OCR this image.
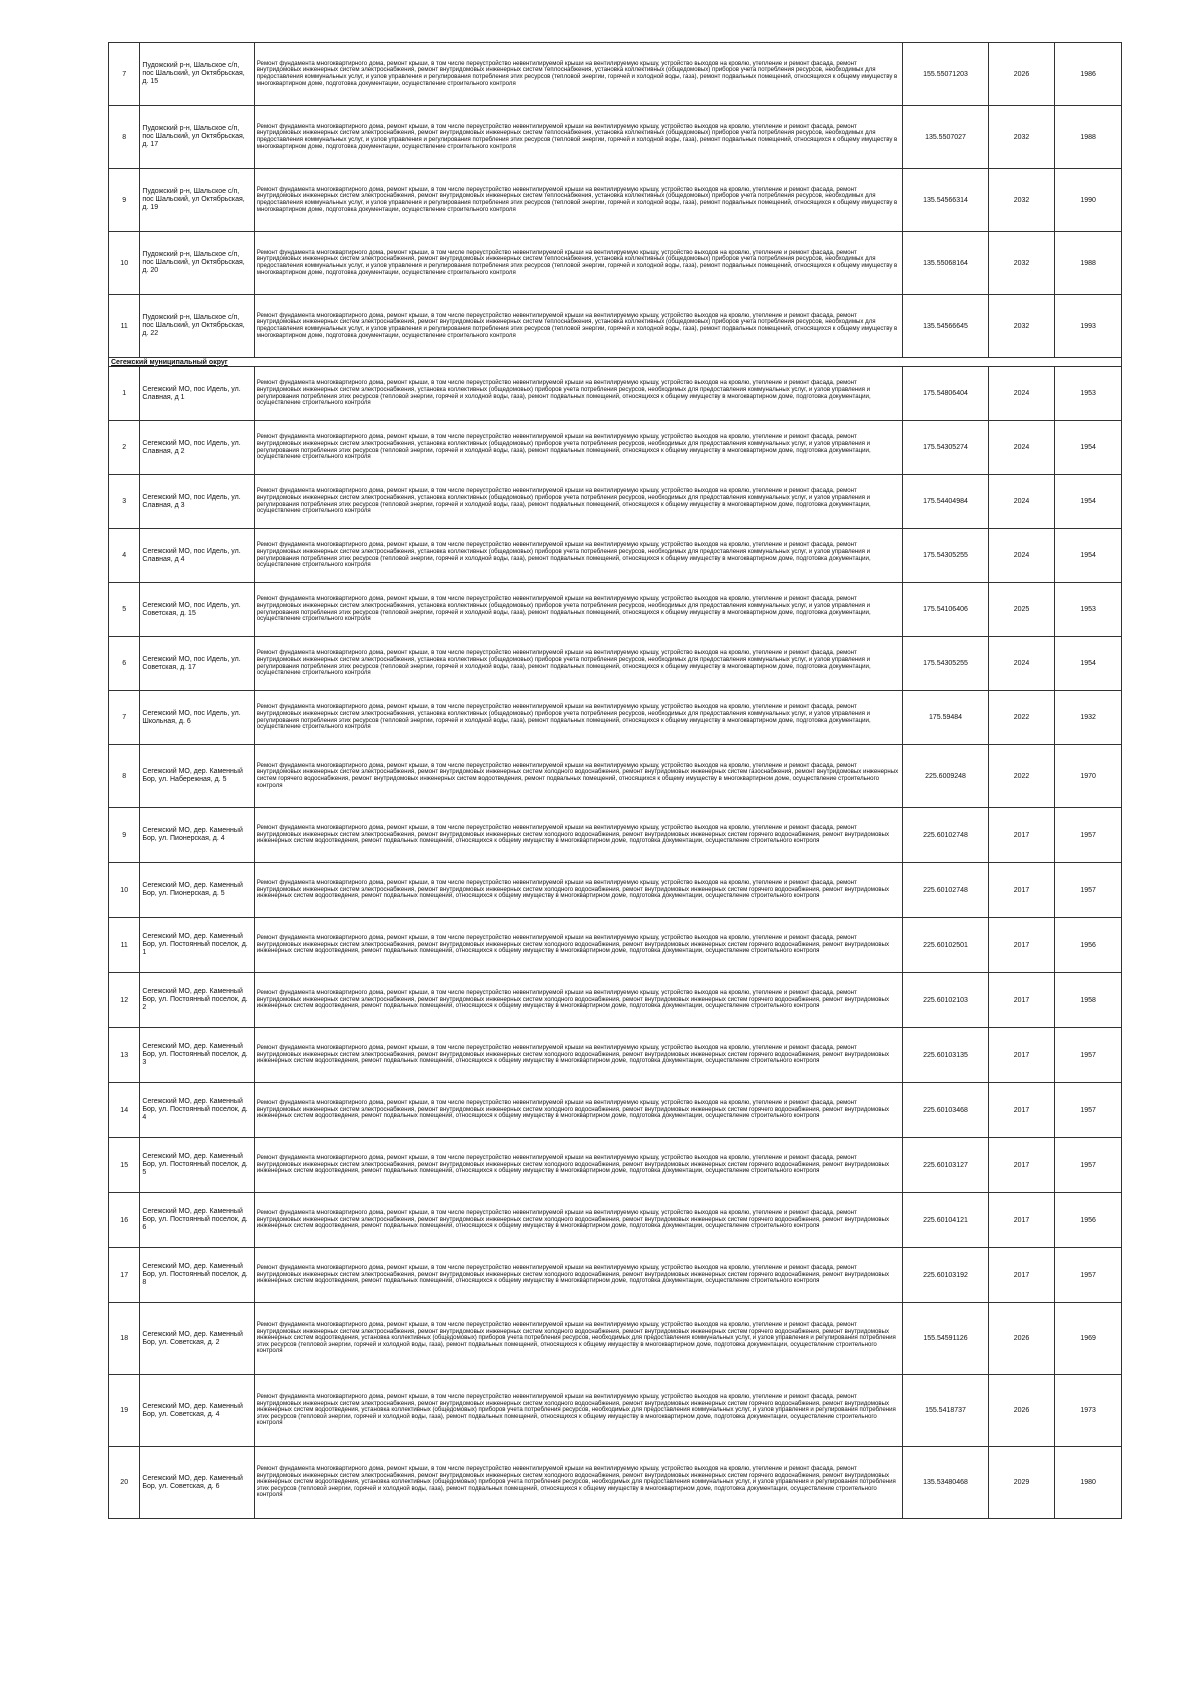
7	Пудожский р-н, Шальское с/п, пос Шальский, ул Октябрьская, д. 15	Ремонт фундамента многоквартирного дома, ремонт крыши, в том числе переустройство невентилируемой крыши на вентилируемую крышу, устройство выходов на кровлю, утепление и ремонт фасада, ремонт внутридомовых инженерных систем электроснабжения, ремонт внутридомовых инженерных систем теплоснабжения, установка коллективных (общедомовых) приборов учета потребления ресурсов, необходимых для предоставления коммунальных услуг, и узлов управления и регулирования потребления этих ресурсов (тепловой энергии, горячей и холодной воды, газа), ремонт подвальных помещений, относящихся к общему имуществу в многоквартирном доме, подготовка документации, осуществление строительного контроля	155.55071203	2026	1986
8	Пудожский р-н, Шальское с/п, пос Шальский, ул Октябрьская, д. 17	Ремонт фундамента многоквартирного дома, ремонт крыши, в том числе переустройство невентилируемой крыши на вентилируемую крышу, устройство выходов на кровлю, утепление и ремонт фасада, ремонт внутридомовых инженерных систем электроснабжения, ремонт внутридомовых инженерных систем теплоснабжения, установка коллективных (общедомовых) приборов учета потребления ресурсов, необходимых для предоставления коммунальных услуг, и узлов управления и регулирования потребления этих ресурсов (тепловой энергии, горячей и холодной воды, газа), ремонт подвальных помещений, относящихся к общему имуществу в многоквартирном доме, подготовка документации, осуществление строительного контроля	135.5507027	2032	1988
9	Пудожский р-н, Шальское с/п, пос Шальский, ул Октябрьская, д. 19	Ремонт фундамента многоквартирного дома, ремонт крыши, в том числе переустройство невентилируемой крыши на вентилируемую крышу, устройство выходов на кровлю, утепление и ремонт фасада, ремонт внутридомовых инженерных систем электроснабжения, ремонт внутридомовых инженерных систем теплоснабжения, установка коллективных (общедомовых) приборов учета потребления ресурсов, необходимых для предоставления коммунальных услуг, и узлов управления и регулирования потребления этих ресурсов (тепловой энергии, горячей и холодной воды, газа), ремонт подвальных помещений, относящихся к общему имуществу в многоквартирном доме, подготовка документации, осуществление строительного контроля	135.54566314	2032	1990
10	Пудожский р-н, Шальское с/п, пос Шальский, ул Октябрьская, д. 20	Ремонт фундамента многоквартирного дома, ремонт крыши, в том числе переустройство невентилируемой крыши на вентилируемую крышу, устройство выходов на кровлю, утепление и ремонт фасада, ремонт внутридомовых инженерных систем электроснабжения, ремонт внутридомовых инженерных систем теплоснабжения, установка коллективных (общедомовых) приборов учета потребления ресурсов, необходимых для предоставления коммунальных услуг, и узлов управления и регулирования потребления этих ресурсов (тепловой энергии, горячей и холодной воды, газа), ремонт подвальных помещений, относящихся к общему имуществу в многоквартирном доме, подготовка документации, осуществление строительного контроля	135.55068164	2032	1988
11	Пудожский р-н, Шальское с/п, пос Шальский, ул Октябрьская, д. 22	Ремонт фундамента многоквартирного дома, ремонт крыши, в том числе переустройство невентилируемой крыши на вентилируемую крышу, устройство выходов на кровлю, утепление и ремонт фасада, ремонт внутридомовых инженерных систем электроснабжения, ремонт внутридомовых инженерных систем теплоснабжения, установка коллективных (общедомовых) приборов учета потребления ресурсов, необходимых для предоставления коммунальных услуг, и узлов управления и регулирования потребления этих ресурсов (тепловой энергии, горячей и холодной воды, газа), ремонт подвальных помещений, относящихся к общему имуществу в многоквартирном доме, подготовка документации, осуществление строительного контроля	135.54566645	2032	1993
Сегежский муниципальный округ					
1	Сегежский МО, пос Идель, ул. Славная, д 1	Ремонт фундамента многоквартирного дома, ремонт крыши, в том числе переустройство невентилируемой крыши на вентилируемую крышу, устройство выходов на кровлю, утепление и ремонт фасада, ремонт внутридомовых инженерных систем электроснабжения, установка коллективных (общедомовых) приборов учета потребления ресурсов, необходимых для предоставления коммунальных услуг, и узлов управления и регулирования потребления этих ресурсов (тепловой энергии, горячей и холодной воды, газа), ремонт подвальных помещений, относящихся к общему имуществу в многоквартирном доме, подготовка документации, осуществление строительного контроля	175.54806404	2024	1953
2	Сегежский МО, пос Идель, ул. Славная, д 2	Ремонт фундамента многоквартирного дома, ремонт крыши, в том числе переустройство невентилируемой крыши на вентилируемую крышу, устройство выходов на кровлю, утепление и ремонт фасада, ремонт внутридомовых инженерных систем электроснабжения, установка коллективных (общедомовых) приборов учета потребления ресурсов, необходимых для предоставления коммунальных услуг, и узлов управления и регулирования потребления этих ресурсов (тепловой энергии, горячей и холодной воды, газа), ремонт подвальных помещений, относящихся к общему имуществу в многоквартирном доме, подготовка документации, осуществление строительного контроля	175.54305274	2024	1954
3	Сегежский МО, пос Идель, ул. Славная, д 3	Ремонт фундамента многоквартирного дома, ремонт крыши, в том числе переустройство невентилируемой крыши на вентилируемую крышу, устройство выходов на кровлю, утепление и ремонт фасада, ремонт внутридомовых инженерных систем электроснабжения, установка коллективных (общедомовых) приборов учета потребления ресурсов, необходимых для предоставления коммунальных услуг, и узлов управления и регулирования потребления этих ресурсов (тепловой энергии, горячей и холодной воды, газа), ремонт подвальных помещений, относящихся к общему имуществу в многоквартирном доме, подготовка документации, осуществление строительного контроля	175.54404984	2024	1954
4	Сегежский МО, пос Идель, ул. Славная, д 4	Ремонт фундамента многоквартирного дома, ремонт крыши, в том числе переустройство невентилируемой крыши на вентилируемую крышу, устройство выходов на кровлю, утепление и ремонт фасада, ремонт внутридомовых инженерных систем электроснабжения, установка коллективных (общедомовых) приборов учета потребления ресурсов, необходимых для предоставления коммунальных услуг, и узлов управления и регулирования потребления этих ресурсов (тепловой энергии, горячей и холодной воды, газа), ремонт подвальных помещений, относящихся к общему имуществу в многоквартирном доме, подготовка документации, осуществление строительного контроля	175.54305255	2024	1954
5	Сегежский МО, пос Идель, ул. Советская, д. 15	Ремонт фундамента многоквартирного дома, ремонт крыши, в том числе переустройство невентилируемой крыши на вентилируемую крышу, устройство выходов на кровлю, утепление и ремонт фасада, ремонт внутридомовых инженерных систем электроснабжения, установка коллективных (общедомовых) приборов учета потребления ресурсов, необходимых для предоставления коммунальных услуг, и узлов управления и регулирования потребления этих ресурсов (тепловой энергии, горячей и холодной воды, газа), ремонт подвальных помещений, относящихся к общему имуществу в многоквартирном доме, подготовка документации, осуществление строительного контроля	175.54106406	2025	1953
6	Сегежский МО, пос Идель, ул. Советская, д. 17	Ремонт фундамента многоквартирного дома, ремонт крыши, в том числе переустройство невентилируемой крыши на вентилируемую крышу, устройство выходов на кровлю, утепление и ремонт фасада, ремонт внутридомовых инженерных систем электроснабжения, установка коллективных (общедомовых) приборов учета потребления ресурсов, необходимых для предоставления коммунальных услуг, и узлов управления и регулирования потребления этих ресурсов (тепловой энергии, горячей и холодной воды, газа), ремонт подвальных помещений, относящихся к общему имуществу в многоквартирном доме, подготовка документации, осуществление строительного контроля	175.54305255	2024	1954
7	Сегежский МО, пос Идель, ул. Школьная, д. 6	Ремонт фундамента многоквартирного дома, ремонт крыши, в том числе переустройство невентилируемой крыши на вентилируемую крышу, устройство выходов на кровлю, утепление и ремонт фасада, ремонт внутридомовых инженерных систем электроснабжения, установка коллективных (общедомовых) приборов учета потребления ресурсов, необходимых для предоставления коммунальных услуг, и узлов управления и регулирования потребления этих ресурсов (тепловой энергии, горячей и холодной воды, газа), ремонт подвальных помещений, относящихся к общему имуществу в многоквартирном доме, подготовка документации, осуществление строительного контроля	175.59484	2022	1932
8	Сегежский МО, дер. Каменный Бор, ул. Набережная, д. 5	Ремонт фундамента многоквартирного дома, ремонт крыши, в том числе переустройство невентилируемой крыши на вентилируемую крышу, устройство выходов на кровлю, утепление и ремонт фасада, ремонт внутридомовых инженерных систем электроснабжения, ремонт внутридомовых инженерных систем холодного водоснабжения, ремонт внутридомовых инженерных систем газоснабжения, ремонт внутридомовых инженерных систем горячего водоснабжения, ремонт внутридомовых инженерных систем водоотведения, ремонт подвальных помещений, относящихся к общему имуществу в многоквартирном доме, осуществление строительного контроля	225.6009248	2022	1970
9	Сегежский МО, дер. Каменный Бор, ул. Пионерская, д. 4	Ремонт фундамента многоквартирного дома, ремонт крыши, в том числе переустройство невентилируемой крыши на вентилируемую крышу, устройство выходов на кровлю, утепление и ремонт фасада, ремонт внутридомовых инженерных систем электроснабжения, ремонт внутридомовых инженерных систем холодного водоснабжения, ремонт внутридомовых инженерных систем горячего водоснабжения, ремонт внутридомовых инженерных систем водоотведения, ремонт подвальных помещений, относящихся к общему имуществу в многоквартирном доме, подготовка документации, осуществление строительного контроля	225.60102748	2017	1957
10	Сегежский МО, дер. Каменный Бор, ул. Пионерская, д. 5	Ремонт фундамента многоквартирного дома, ремонт крыши, в том числе переустройство невентилируемой крыши на вентилируемую крышу, устройство выходов на кровлю, утепление и ремонт фасада, ремонт внутридомовых инженерных систем электроснабжения, ремонт внутридомовых инженерных систем холодного водоснабжения, ремонт внутридомовых инженерных систем горячего водоснабжения, ремонт внутридомовых инженерных систем водоотведения, ремонт подвальных помещений, относящихся к общему имуществу в многоквартирном доме, подготовка документации, осуществление строительного контроля	225.60102748	2017	1957
11	Сегежский МО, дер. Каменный Бор, ул. Постоянный поселок, д. 1	Ремонт фундамента многоквартирного дома, ремонт крыши, в том числе переустройство невентилируемой крыши на вентилируемую крышу, устройство выходов на кровлю, утепление и ремонт фасада, ремонт внутридомовых инженерных систем электроснабжения, ремонт внутридомовых инженерных систем холодного водоснабжения, ремонт внутридомовых инженерных систем горячего водоснабжения, ремонт внутридомовых инженерных систем водоотведения, ремонт подвальных помещений, относящихся к общему имуществу в многоквартирном доме, подготовка документации, осуществление строительного контроля	225.60102501	2017	1956
12	Сегежский МО, дер. Каменный Бор, ул. Постоянный поселок, д. 2	Ремонт фундамента многоквартирного дома, ремонт крыши, в том числе переустройство невентилируемой крыши на вентилируемую крышу, устройство выходов на кровлю, утепление и ремонт фасада, ремонт внутридомовых инженерных систем электроснабжения, ремонт внутридомовых инженерных систем холодного водоснабжения, ремонт внутридомовых инженерных систем горячего водоснабжения, ремонт внутридомовых инженерных систем водоотведения, ремонт подвальных помещений, относящихся к общему имуществу в многоквартирном доме, подготовка документации, осуществление строительного контроля	225.60102103	2017	1958
13	Сегежский МО, дер. Каменный Бор, ул. Постоянный поселок, д. 3	Ремонт фундамента многоквартирного дома, ремонт крыши, в том числе переустройство невентилируемой крыши на вентилируемую крышу, устройство выходов на кровлю, утепление и ремонт фасада, ремонт внутридомовых инженерных систем электроснабжения, ремонт внутридомовых инженерных систем холодного водоснабжения, ремонт внутридомовых инженерных систем горячего водоснабжения, ремонт внутридомовых инженерных систем водоотведения, ремонт подвальных помещений, относящихся к общему имуществу в многоквартирном доме, подготовка документации, осуществление строительного контроля	225.60103135	2017	1957
14	Сегежский МО, дер. Каменный Бор, ул. Постоянный поселок, д. 4	Ремонт фундамента многоквартирного дома, ремонт крыши, в том числе переустройство невентилируемой крыши на вентилируемую крышу, устройство выходов на кровлю, утепление и ремонт фасада, ремонт внутридомовых инженерных систем электроснабжения, ремонт внутридомовых инженерных систем холодного водоснабжения, ремонт внутридомовых инженерных систем горячего водоснабжения, ремонт внутридомовых инженерных систем водоотведения, ремонт подвальных помещений, относящихся к общему имуществу в многоквартирном доме, подготовка документации, осуществление строительного контроля	225.60103468	2017	1957
15	Сегежский МО, дер. Каменный Бор, ул. Постоянный поселок, д. 5	Ремонт фундамента многоквартирного дома, ремонт крыши, в том числе переустройство невентилируемой крыши на вентилируемую крышу, устройство выходов на кровлю, утепление и ремонт фасада, ремонт внутридомовых инженерных систем электроснабжения, ремонт внутридомовых инженерных систем холодного водоснабжения, ремонт внутридомовых инженерных систем горячего водоснабжения, ремонт внутридомовых инженерных систем водоотведения, ремонт подвальных помещений, относящихся к общему имуществу в многоквартирном доме, подготовка документации, осуществление строительного контроля	225.60103127	2017	1957
16	Сегежский МО, дер. Каменный Бор, ул. Постоянный поселок, д. 6	Ремонт фундамента многоквартирного дома, ремонт крыши, в том числе переустройство невентилируемой крыши на вентилируемую крышу, устройство выходов на кровлю, утепление и ремонт фасада, ремонт внутридомовых инженерных систем электроснабжения, ремонт внутридомовых инженерных систем холодного водоснабжения, ремонт внутридомовых инженерных систем горячего водоснабжения, ремонт внутридомовых инженерных систем водоотведения, ремонт подвальных помещений, относящихся к общему имуществу в многоквартирном доме, подготовка документации, осуществление строительного контроля	225.60104121	2017	1956
17	Сегежский МО, дер. Каменный Бор, ул. Постоянный поселок, д. 8	Ремонт фундамента многоквартирного дома, ремонт крыши, в том числе переустройство невентилируемой крыши на вентилируемую крышу, устройство выходов на кровлю, утепление и ремонт фасада, ремонт внутридомовых инженерных систем электроснабжения, ремонт внутридомовых инженерных систем холодного водоснабжения, ремонт внутридомовых инженерных систем горячего водоснабжения, ремонт внутридомовых инженерных систем водоотведения, ремонт подвальных помещений, относящихся к общему имуществу в многоквартирном доме, подготовка документации, осуществление строительного контроля	225.60103192	2017	1957
18	Сегежский МО, дер. Каменный Бор, ул. Советская, д. 2	Ремонт фундамента многоквартирного дома, ремонт крыши, в том числе переустройство невентилируемой крыши на вентилируемую крышу, устройство выходов на кровлю, утепление и ремонт фасада, ремонт внутридомовых инженерных систем электроснабжения, ремонт внутридомовых инженерных систем холодного водоснабжения, ремонт внутридомовых инженерных систем горячего водоснабжения, ремонт внутридомовых инженерных систем водоотведения, установка коллективных (общедомовых) приборов учета потребления ресурсов, необходимых для предоставления коммунальных услуг, и узлов управления и регулирования потребления этих ресурсов (тепловой энергии, горячей и холодной воды, газа), ремонт подвальных помещений, относящихся к общему имуществу в многоквартирном доме, подготовка документации, осуществление строительного контроля	155.54591126	2026	1969
19	Сегежский МО, дер. Каменный Бор, ул. Советская, д. 4	Ремонт фундамента многоквартирного дома, ремонт крыши, в том числе переустройство невентилируемой крыши на вентилируемую крышу, устройство выходов на кровлю, утепление и ремонт фасада, ремонт внутридомовых инженерных систем электроснабжения, ремонт внутридомовых инженерных систем холодного водоснабжения, ремонт внутридомовых инженерных систем горячего водоснабжения, ремонт внутридомовых инженерных систем водоотведения, установка коллективных (общедомовых) приборов учета потребления ресурсов, необходимых для предоставления коммунальных услуг, и узлов управления и регулирования потребления этих ресурсов (тепловой энергии, горячей и холодной воды, газа), ремонт подвальных помещений, относящихся к общему имуществу в многоквартирном доме, подготовка документации, осуществление строительного контроля	155.5418737	2026	1973
20	Сегежский МО, дер. Каменный Бор, ул. Советская, д. 6	Ремонт фундамента многоквартирного дома, ремонт крыши, в том числе переустройство невентилируемой крыши на вентилируемую крышу, устройство выходов на кровлю, утепление и ремонт фасада, ремонт внутридомовых инженерных систем электроснабжения, ремонт внутридомовых инженерных систем холодного водоснабжения, ремонт внутридомовых инженерных систем горячего водоснабжения, ремонт внутридомовых инженерных систем водоотведения, установка коллективных (общедомовых) приборов учета потребления ресурсов, необходимых для предоставления коммунальных услуг, и узлов управления и регулирования потребления этих ресурсов (тепловой энергии, горячей и холодной воды, газа), ремонт подвальных помещений, относящихся к общему имуществу в многоквартирном доме, подготовка документации, осуществление строительного контроля	135.53480468	2029	1980
